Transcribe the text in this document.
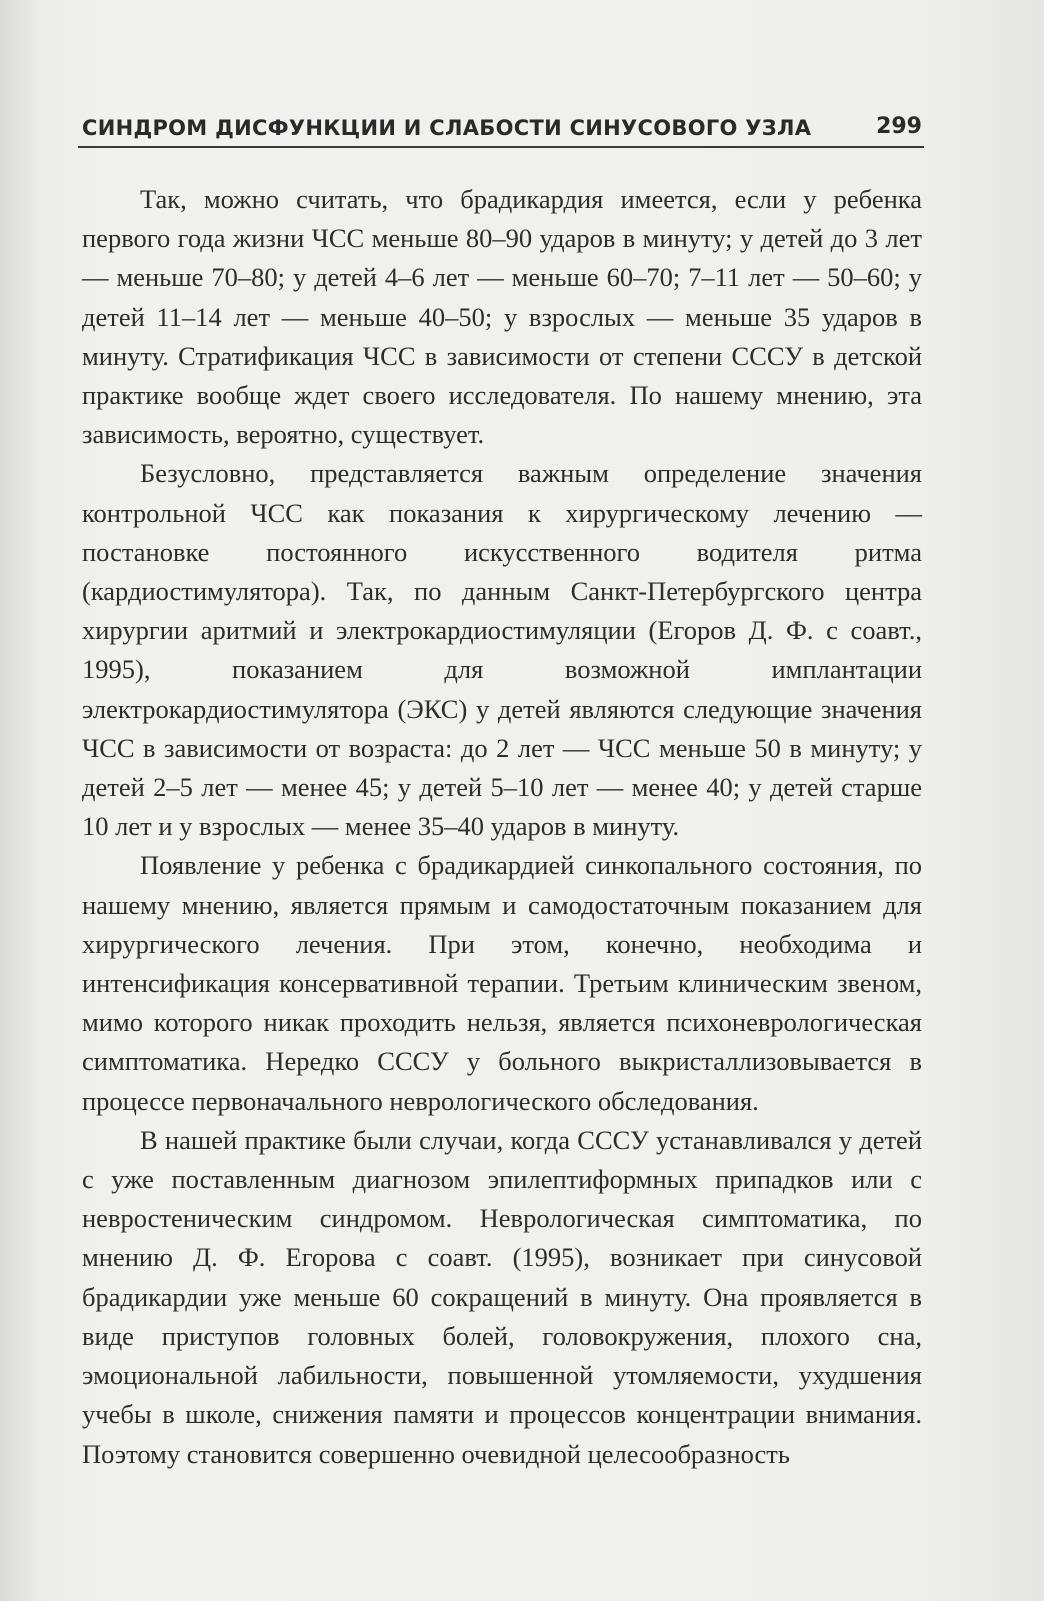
СИНДРОМ ДИСФУНКЦИИ И СЛАБОСТИ СИНУСОВОГО УЗЛА	299

Так, можно считать, что брадикардия имеется, если у ребенка первого года жизни ЧСС меньше 80–90 ударов в минуту; у детей до 3 лет — меньше 70–80; у детей 4–6 лет — меньше 60–70; 7–11 лет — 50–60; у детей 11–14 лет — меньше 40–50; у взрослых — меньше 35 ударов в минуту. Стратификация ЧСС в зависимости от степени СССУ в детской практике вообще ждет своего исследователя. По нашему мнению, эта зависимость, вероятно, существует.

Безусловно, представляется важным определение значения контрольной ЧСС как показания к хирургическому лечению — постановке постоянного искусственного водителя ритма (кардиостимулятора). Так, по данным Санкт-Петербургского центра хирургии аритмий и электрокардиостимуляции (Егоров Д. Ф. с соавт., 1995), показанием для возможной имплантации электрокардиостимулятора (ЭКС) у детей являются следующие значения ЧСС в зависимости от возраста: до 2 лет — ЧСС меньше 50 в минуту; у детей 2–5 лет — менее 45; у детей 5–10 лет — менее 40; у детей старше 10 лет и у взрослых — менее 35–40 ударов в минуту.

Появление у ребенка с брадикардией синкопального состояния, по нашему мнению, является прямым и самодостаточным показанием для хирургического лечения. При этом, конечно, необходима и интенсификация консервативной терапии. Третьим клиническим звеном, мимо которого никак проходить нельзя, является психоневрологическая симптоматика. Нередко СССУ у больного выкристаллизовывается в процессе первоначального неврологического обследования.

В нашей практике были случаи, когда СССУ устанавливался у детей с уже поставленным диагнозом эпилептиформных припадков или с невростеническим синдромом. Неврологическая симптоматика, по мнению Д. Ф. Егорова с соавт. (1995), возникает при синусовой брадикардии уже меньше 60 сокращений в минуту. Она проявляется в виде приступов головных болей, головокружения, плохого сна, эмоциональной лабильности, повышенной утомляемости, ухудшения учебы в школе, снижения памяти и процессов концентрации внимания. Поэтому становится совершенно очевидной целесообразность
